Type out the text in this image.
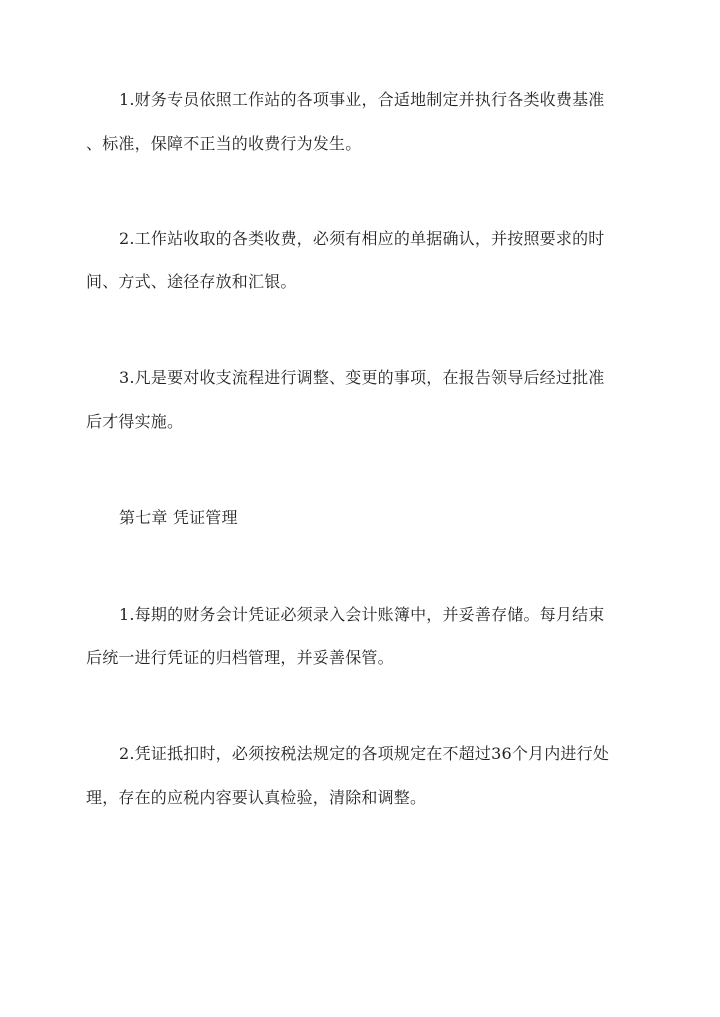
1.财务专员依照工作站的各项事业，合适地制定并执行各类收费基准
、标准，保障不正当的收费行为发生。
2.工作站收取的各类收费，必须有相应的单据确认，并按照要求的时
间、方式、途径存放和汇银。
3.凡是要对收支流程进行调整、变更的事项，在报告领导后经过批准
后才得实施。
第七章 凭证管理
1.每期的财务会计凭证必须录入会计账簿中，并妥善存储。每月结束
后统一进行凭证的归档管理，并妥善保管。
2.凭证抵扣时，必须按税法规定的各项规定在不超过36个月内进行处
理，存在的应税内容要认真检验，清除和调整。
